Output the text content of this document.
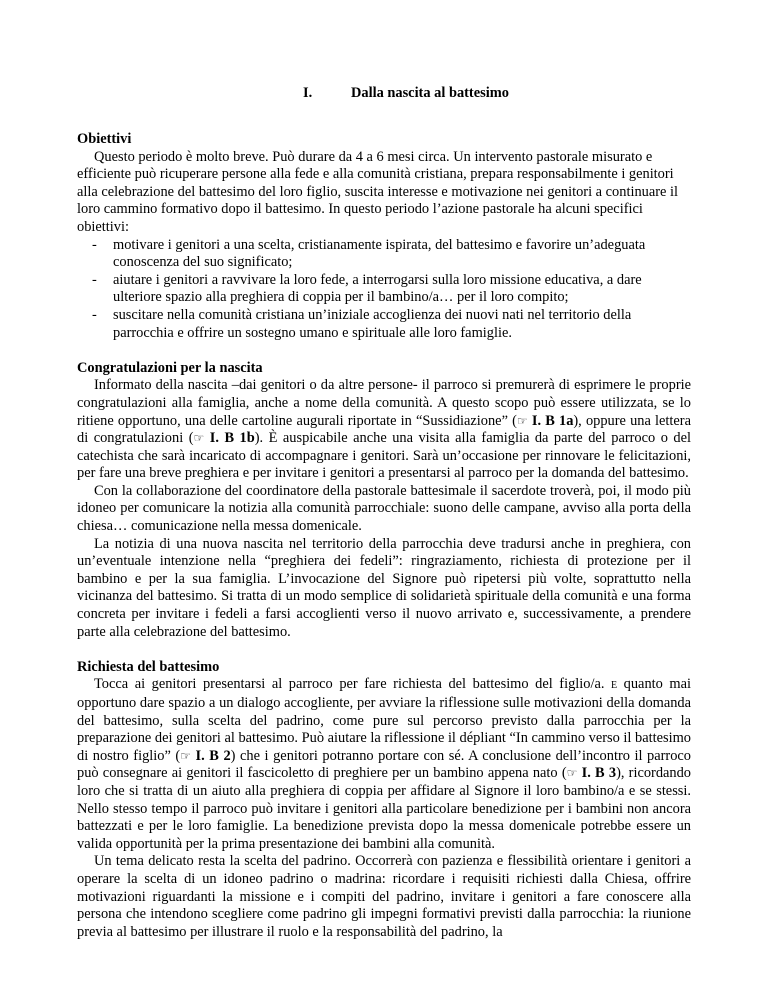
I.	Dalla nascita al battesimo
Obiettivi

Questo periodo è molto breve. Può durare da 4 a 6 mesi circa. Un intervento pastorale misurato e efficiente può ricuperare persone alla fede e alla comunità cristiana, prepara responsabilmente i genitori alla celebrazione del battesimo del loro figlio, suscita interesse e motivazione nei genitori a continuare il loro cammino formativo dopo il battesimo. In questo periodo l’azione pastorale ha alcuni specifici obiettivi:

- motivare i genitori a una scelta, cristianamente ispirata, del battesimo e favorire un’adeguata conoscenza del suo significato;
- aiutare i genitori a ravvivare la loro fede, a interrogarsi sulla loro missione educativa, a dare ulteriore spazio alla preghiera di coppia per il bambino/a… per il loro compito;
- suscitare nella comunità cristiana un’iniziale accoglienza dei nuovi nati nel territorio della parrocchia e offrire un sostegno umano e spirituale alle loro famiglie.
Congratulazioni per la nascita

Informato della nascita –dai genitori o da altre persone- il parroco si premurerà di esprimere le proprie congratulazioni alla famiglia, anche a nome della comunità. A questo scopo può essere utilizzata, se lo ritiene opportuno, una delle cartoline augurali riportate in “Sussidiazione” (☞ I. B 1a), oppure una lettera di congratulazioni (☞ I. B 1b). È auspicabile anche una visita alla famiglia da parte del parroco o del catechista che sarà incaricato di accompagnare i genitori. Sarà un’occasione per rinnovare le felicitazioni, per fare una breve preghiera e per invitare i genitori a presentarsi al parroco per la domanda del battesimo.

Con la collaborazione del coordinatore della pastorale battesimale il sacerdote troverà, poi, il modo più idoneo per comunicare la notizia alla comunità parrocchiale: suono delle campane, avviso alla porta della chiesa… comunicazione nella messa domenicale.

La notizia di una nuova nascita nel territorio della parrocchia deve tradursi anche in preghiera, con un’eventuale intenzione nella “preghiera dei fedeli”: ringraziamento, richiesta di protezione per il bambino e per la sua famiglia. L’invocazione del Signore può ripetersi più volte, soprattutto nella vicinanza del battesimo. Si tratta di un modo semplice di solidarietà spirituale della comunità e una forma concreta per invitare i fedeli a farsi accoglienti verso il nuovo arrivato e, successivamente, a prendere parte alla celebrazione del battesimo.

Richiesta del battesimo

Tocca ai genitori presentarsi al parroco per fare richiesta del battesimo del figlio/a. E quanto mai opportuno dare spazio a un dialogo accogliente, per avviare la riflessione sulle motivazioni della domanda del battesimo, sulla scelta del padrino, come pure sul percorso previsto dalla parrocchia per la preparazione dei genitori al battesimo. Può aiutare la riflessione il dépliant “In cammino verso il battesimo di nostro figlio” (☞ I. B 2) che i genitori potranno portare con sé. A conclusione dell’incontro il parroco può consegnare ai genitori il fascicoletto di preghiere per un bambino appena nato (☞ I. B 3), ricordando loro che si tratta di un aiuto alla preghiera di coppia per affidare al Signore il loro bambino/a e se stessi. Nello stesso tempo il parroco può invitare i genitori alla particolare benedizione per i bambini non ancora battezzati e per le loro famiglie. La benedizione prevista dopo la messa domenicale potrebbe essere un valida opportunità per la prima presentazione dei bambini alla comunità.

Un tema delicato resta la scelta del padrino. Occorrerà con pazienza e flessibilità orientare i genitori a operare la scelta di un idoneo padrino o madrina: ricordare i requisiti richiesti dalla Chiesa, offrire motivazioni riguardanti la missione e i compiti del padrino, invitare i genitori a fare conoscere alla persona che intendono scegliere come padrino gli impegni formativi previsti dalla parrocchia: la riunione previa al battesimo per illustrare il ruolo e la responsabilità del padrino, la
